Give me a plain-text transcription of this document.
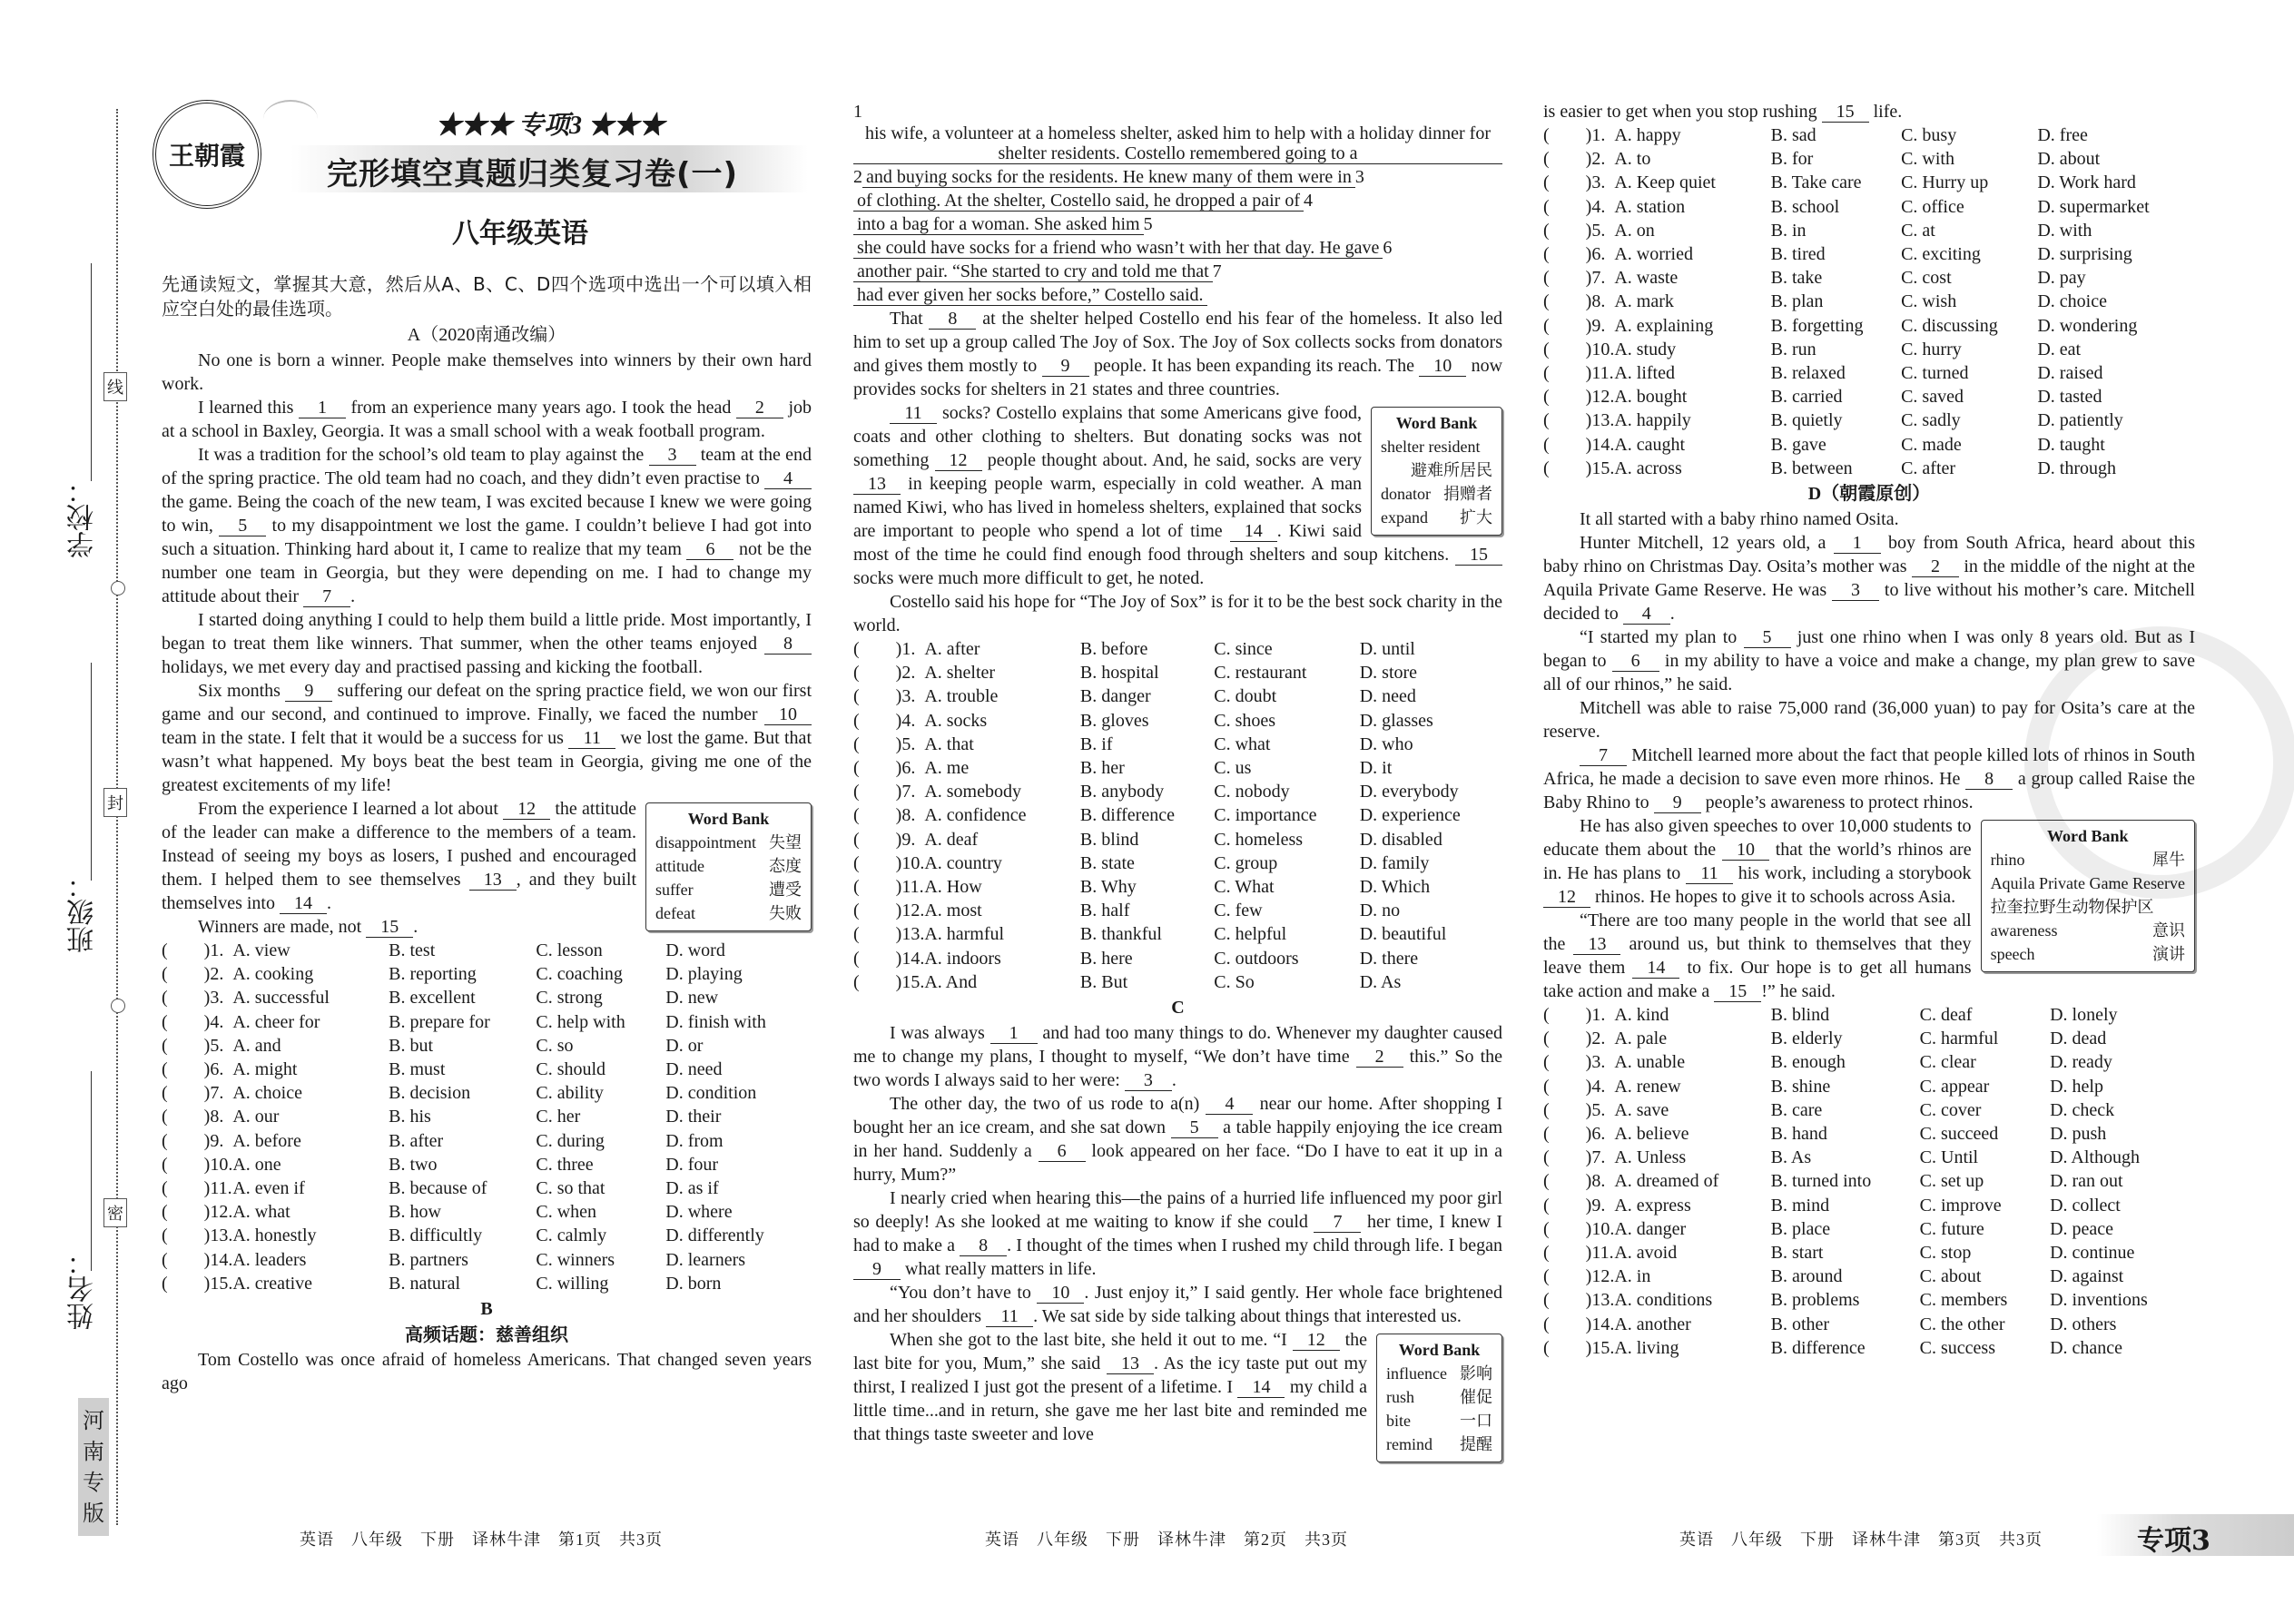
姓名：
班级：
学校：
线
封
密
河南专版
王朝霞
★★★ 专项3 ★★★
完形填空真题归类复习卷(一)
八年级英语
先通读短文，掌握其大意，然后从A、B、C、D四个选项中选出一个可以填入相应空白处的最佳选项。
A（2020南通改编）

No one is born a winner. People make themselves into winners by their own hard work.

I learned this 1 from an experience many years ago. I took the head 2 job at a school in Baxley, Georgia. It was a small school with a weak football program.

It was a tradition for the school’s old team to play against the 3 team at the end of the spring practice. The old team had no coach, and they didn’t even practise to 4 the game. Being the coach of the new team, I was excited because I knew we were going to win, 5 to my disappointment we lost the game. I couldn’t believe I had got into such a situation. Thinking hard about it, I came to realize that my team 6 not be the number one team in Georgia, but they were depending on me. I had to change my attitude about their 7 .

I started doing anything I could to help them build a little pride. Most importantly, I began to treat them like winners. That summer, when the other teams enjoyed 8 holidays, we met every day and practised passing and kicking the football.

Six months 9 suffering our defeat on the spring practice field, we won our first game and our second, and continued to improve. Finally, we faced the number 10 team in the state. I felt that it would be a success for us 11 we lost the game. But that wasn’t what happened. My boys beat the best team in Georgia, giving me one of the greatest excitements of my life!

Word Bank
disappointment 失望
attitude	态度
suffer	遭受
defeat	失败
From the experience I learned a lot about 12 the attitude of the leader can make a difference to the members of a team. Instead of seeing my boys as losers, I pushed and encouraged them. I helped them to see themselves 13 , and they built themselves into 14 .

Winners are made, not 15 .

(　　)1.	A. view	B. test	C. lesson	D. word
(　　)2.	A. cooking	B. reporting	C. coaching	D. playing
(　　)3.	A. successful	B. excellent	C. strong	D. new
(　　)4.	A. cheer for	B. prepare for	C. help with	D. finish with
(　　)5.	A. and	B. but	C. so	D. or
(　　)6.	A. might	B. must	C. should	D. need
(　　)7.	A. choice	B. decision	C. ability	D. condition
(　　)8.	A. our	B. his	C. her	D. their
(　　)9.	A. before	B. after	C. during	D. from
(　　)10.	A. one	B. two	C. three	D. four
(　　)11.	A. even if	B. because of	C. so that	D. as if
(　　)12.	A. what	B. how	C. when	D. where
(　　)13.	A. honestly	B. difficultly	C. calmly	D. differently
(　　)14.	A. leaders	B. partners	C. winners	D. learners
(　　)15.	A. creative	B. natural	C. willing	D. born
B
高频话题：慈善组织

Tom Costello was once afraid of homeless Americans. That changed seven years ago

1his wife, a volunteer at a homeless shelter, asked him to help with a holiday dinner for shelter residents. Costello remembered going to a2and buying socks for the residents. He knew many of them were in3of clothing. At the shelter, Costello said, he dropped a pair of4into a bag for a woman. She asked him5she could have socks for a friend who wasn’t with her that day. He gave6another pair. “She started to cry and told me that7had ever given her socks before,” Costello said.

That 8 at the shelter helped Costello end his fear of the homeless. It also led him to set up a group called The Joy of Sox. The Joy of Sox collects socks from donators and gives them mostly to 9 people. It has been expanding its reach. The 10 now provides socks for shelters in 21 states and three countries.

Word Bank
shelter resident
避难所居民
donator 捐赠者
expand 扩大
11 socks? Costello explains that some Americans give food, coats and other clothing to shelters. But donating socks was not something 12 people thought about. And, he said, socks are very 13 in keeping people warm, especially in cold weather. A man named Kiwi, who has lived in homeless shelters, explained that socks are important to people who spend a lot of time 14 . Kiwi said most of the time he could find enough food through shelters and soup kitchens. 15 socks were much more difficult to get, he noted.

Costello said his hope for “The Joy of Sox” is for it to be the best sock charity in the world.

(　　)1.	A. after	B. before	C. since	D. until
(　　)2.	A. shelter	B. hospital	C. restaurant	D. store
(　　)3.	A. trouble	B. danger	C. doubt	D. need
(　　)4.	A. socks	B. gloves	C. shoes	D. glasses
(　　)5.	A. that	B. if	C. what	D. who
(　　)6.	A. me	B. her	C. us	D. it
(　　)7.	A. somebody	B. anybody	C. nobody	D. everybody
(　　)8.	A. confidence	B. difference	C. importance	D. experience
(　　)9.	A. deaf	B. blind	C. homeless	D. disabled
(　　)10.	A. country	B. state	C. group	D. family
(　　)11.	A. How	B. Why	C. What	D. Which
(　　)12.	A. most	B. half	C. few	D. no
(　　)13.	A. harmful	B. thankful	C. helpful	D. beautiful
(　　)14.	A. indoors	B. here	C. outdoors	D. there
(　　)15.	A. And	B. But	C. So	D. As
C

I was always 1 and had too many things to do. Whenever my daughter caused me to change my plans, I thought to myself, “We don’t have time 2 this.” So the two words I always said to her were: 3 .

The other day, the two of us rode to a(n) 4 near our home. After shopping I bought her an ice cream, and she sat down 5 a table happily enjoying the ice cream in her hand. Suddenly a 6 look appeared on her face. “Do I have to eat it up in a hurry, Mum?”

I nearly cried when hearing this—the pains of a hurried life influenced my poor girl so deeply! As she looked at me waiting to know if she could 7 her time, I knew I had to make a 8 . I thought of the times when I rushed my child through life. I began 9 what really matters in life.

“You don’t have to 10 . Just enjoy it,” I said gently. Her whole face brightened and her shoulders 11 . We sat side by side talking about things that interested us.

Word Bank
influence 影响
rush	催促
bite	一口
remind 提醒
When she got to the last bite, she held it out to me. “I 12 the last bite for you, Mum,” she said 13 . As the icy taste put out my thirst, I realized I just got the present of a lifetime. I 14 my child a little time...and in return, she gave me her last bite and reminded me that things taste sweeter and love

is easier to get when you stop rushing 15 life.

(　　)1.	A. happy	B. sad	C. busy	D. free
(　　)2.	A. to	B. for	C. with	D. about
(　　)3.	A. Keep quiet	B. Take care	C. Hurry up	D. Work hard
(　　)4.	A. station	B. school	C. office	D. supermarket
(　　)5.	A. on	B. in	C. at	D. with
(　　)6.	A. worried	B. tired	C. exciting	D. surprising
(　　)7.	A. waste	B. take	C. cost	D. pay
(　　)8.	A. mark	B. plan	C. wish	D. choice
(　　)9.	A. explaining	B. forgetting	C. discussing	D. wondering
(　　)10.	A. study	B. run	C. hurry	D. eat
(　　)11.	A. lifted	B. relaxed	C. turned	D. raised
(　　)12.	A. bought	B. carried	C. saved	D. tasted
(　　)13.	A. happily	B. quietly	C. sadly	D. patiently
(　　)14.	A. caught	B. gave	C. made	D. taught
(　　)15.	A. across	B. between	C. after	D. through
D（朝霞原创）

It all started with a baby rhino named Osita.

Hunter Mitchell, 12 years old, a 1 boy from South Africa, heard about this baby rhino on Christmas Day. Osita’s mother was 2 in the middle of the night at the Aquila Private Game Reserve. He was 3 to live without his mother’s care. Mitchell decided to 4 .

“I started my plan to 5 just one rhino when I was only 8 years old. But as I began to 6 in my ability to have a voice and make a change, my plan grew to save all of our rhinos,” he said.

Mitchell was able to raise 75,000 rand (36,000 yuan) to pay for Osita’s care at the reserve.

7 Mitchell learned more about the fact that people killed lots of rhinos in South Africa, he made a decision to save even more rhinos. He 8 a group called Raise the Baby Rhino to 9 people’s awareness to protect rhinos.

Word Bank
rhino	犀牛
Aquila Private Game Reserve
拉奎拉野生动物保护区
awareness	意识
speech	演讲
He has also given speeches to over 10,000 students to educate them about the 10 that the world’s rhinos are in. He has plans to 11 his work, including a storybook 12 rhinos. He hopes to give it to schools across Asia.

“There are too many people in the world that see all the 13 around us, but think to themselves that they leave them 14 to fix. Our hope is to get all humans take action and make a 15 !” he said.

(　　)1.	A. kind	B. blind	C. deaf	D. lonely
(　　)2.	A. pale	B. elderly	C. harmful	D. dead
(　　)3.	A. unable	B. enough	C. clear	D. ready
(　　)4.	A. renew	B. shine	C. appear	D. help
(　　)5.	A. save	B. care	C. cover	D. check
(　　)6.	A. believe	B. hand	C. succeed	D. push
(　　)7.	A. Unless	B. As	C. Until	D. Although
(　　)8.	A. dreamed of	B. turned into	C. set up	D. ran out
(　　)9.	A. express	B. mind	C. improve	D. collect
(　　)10.	A. danger	B. place	C. future	D. peace
(　　)11.	A. avoid	B. start	C. stop	D. continue
(　　)12.	A. in	B. around	C. about	D. against
(　　)13.	A. conditions	B. problems	C. members	D. inventions
(　　)14.	A. another	B. other	C. the other	D. others
(　　)15.	A. living	B. difference	C. success	D. chance
英语　八年级　下册　译林牛津　第1页　共3页	英语　八年级　下册　译林牛津　第2页　共3页	英语　八年级　下册　译林牛津　第3页　共3页	专项3
